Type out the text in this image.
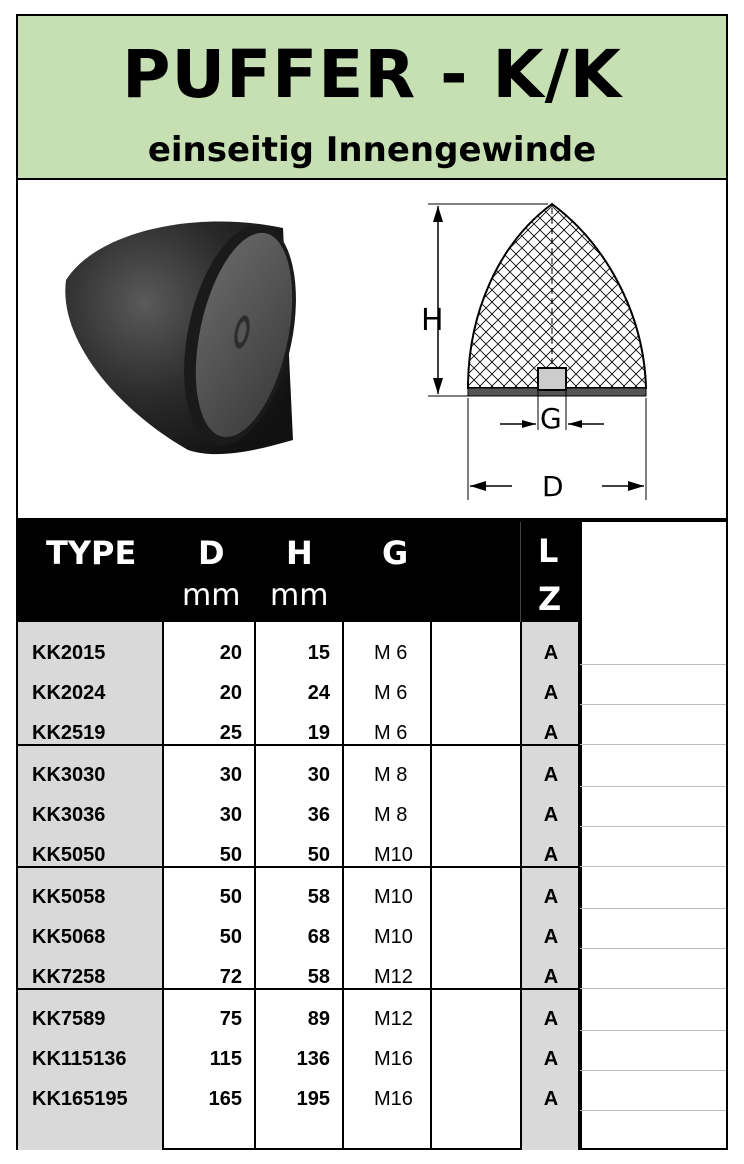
PUFFER - K/K
einseitig Innengewinde
H
G
D
TYPE D H G	L
Z
mm mm
KK2015	20	15 M 6	A
KK2024	20	24 M 6	A
KK2519	25	19 M 6	A
KK3030	30	30 M 8	A
KK3036	30	36 M 8	A
KK5050	50	50 M10	A
KK5058	50	58 M10	A
KK5068	50	68 M10	A
KK7258	72	58 M12	A
KK7589	75	89 M12	A
KK115136	115	136 M16	A
KK165195	165	195 M16	A
